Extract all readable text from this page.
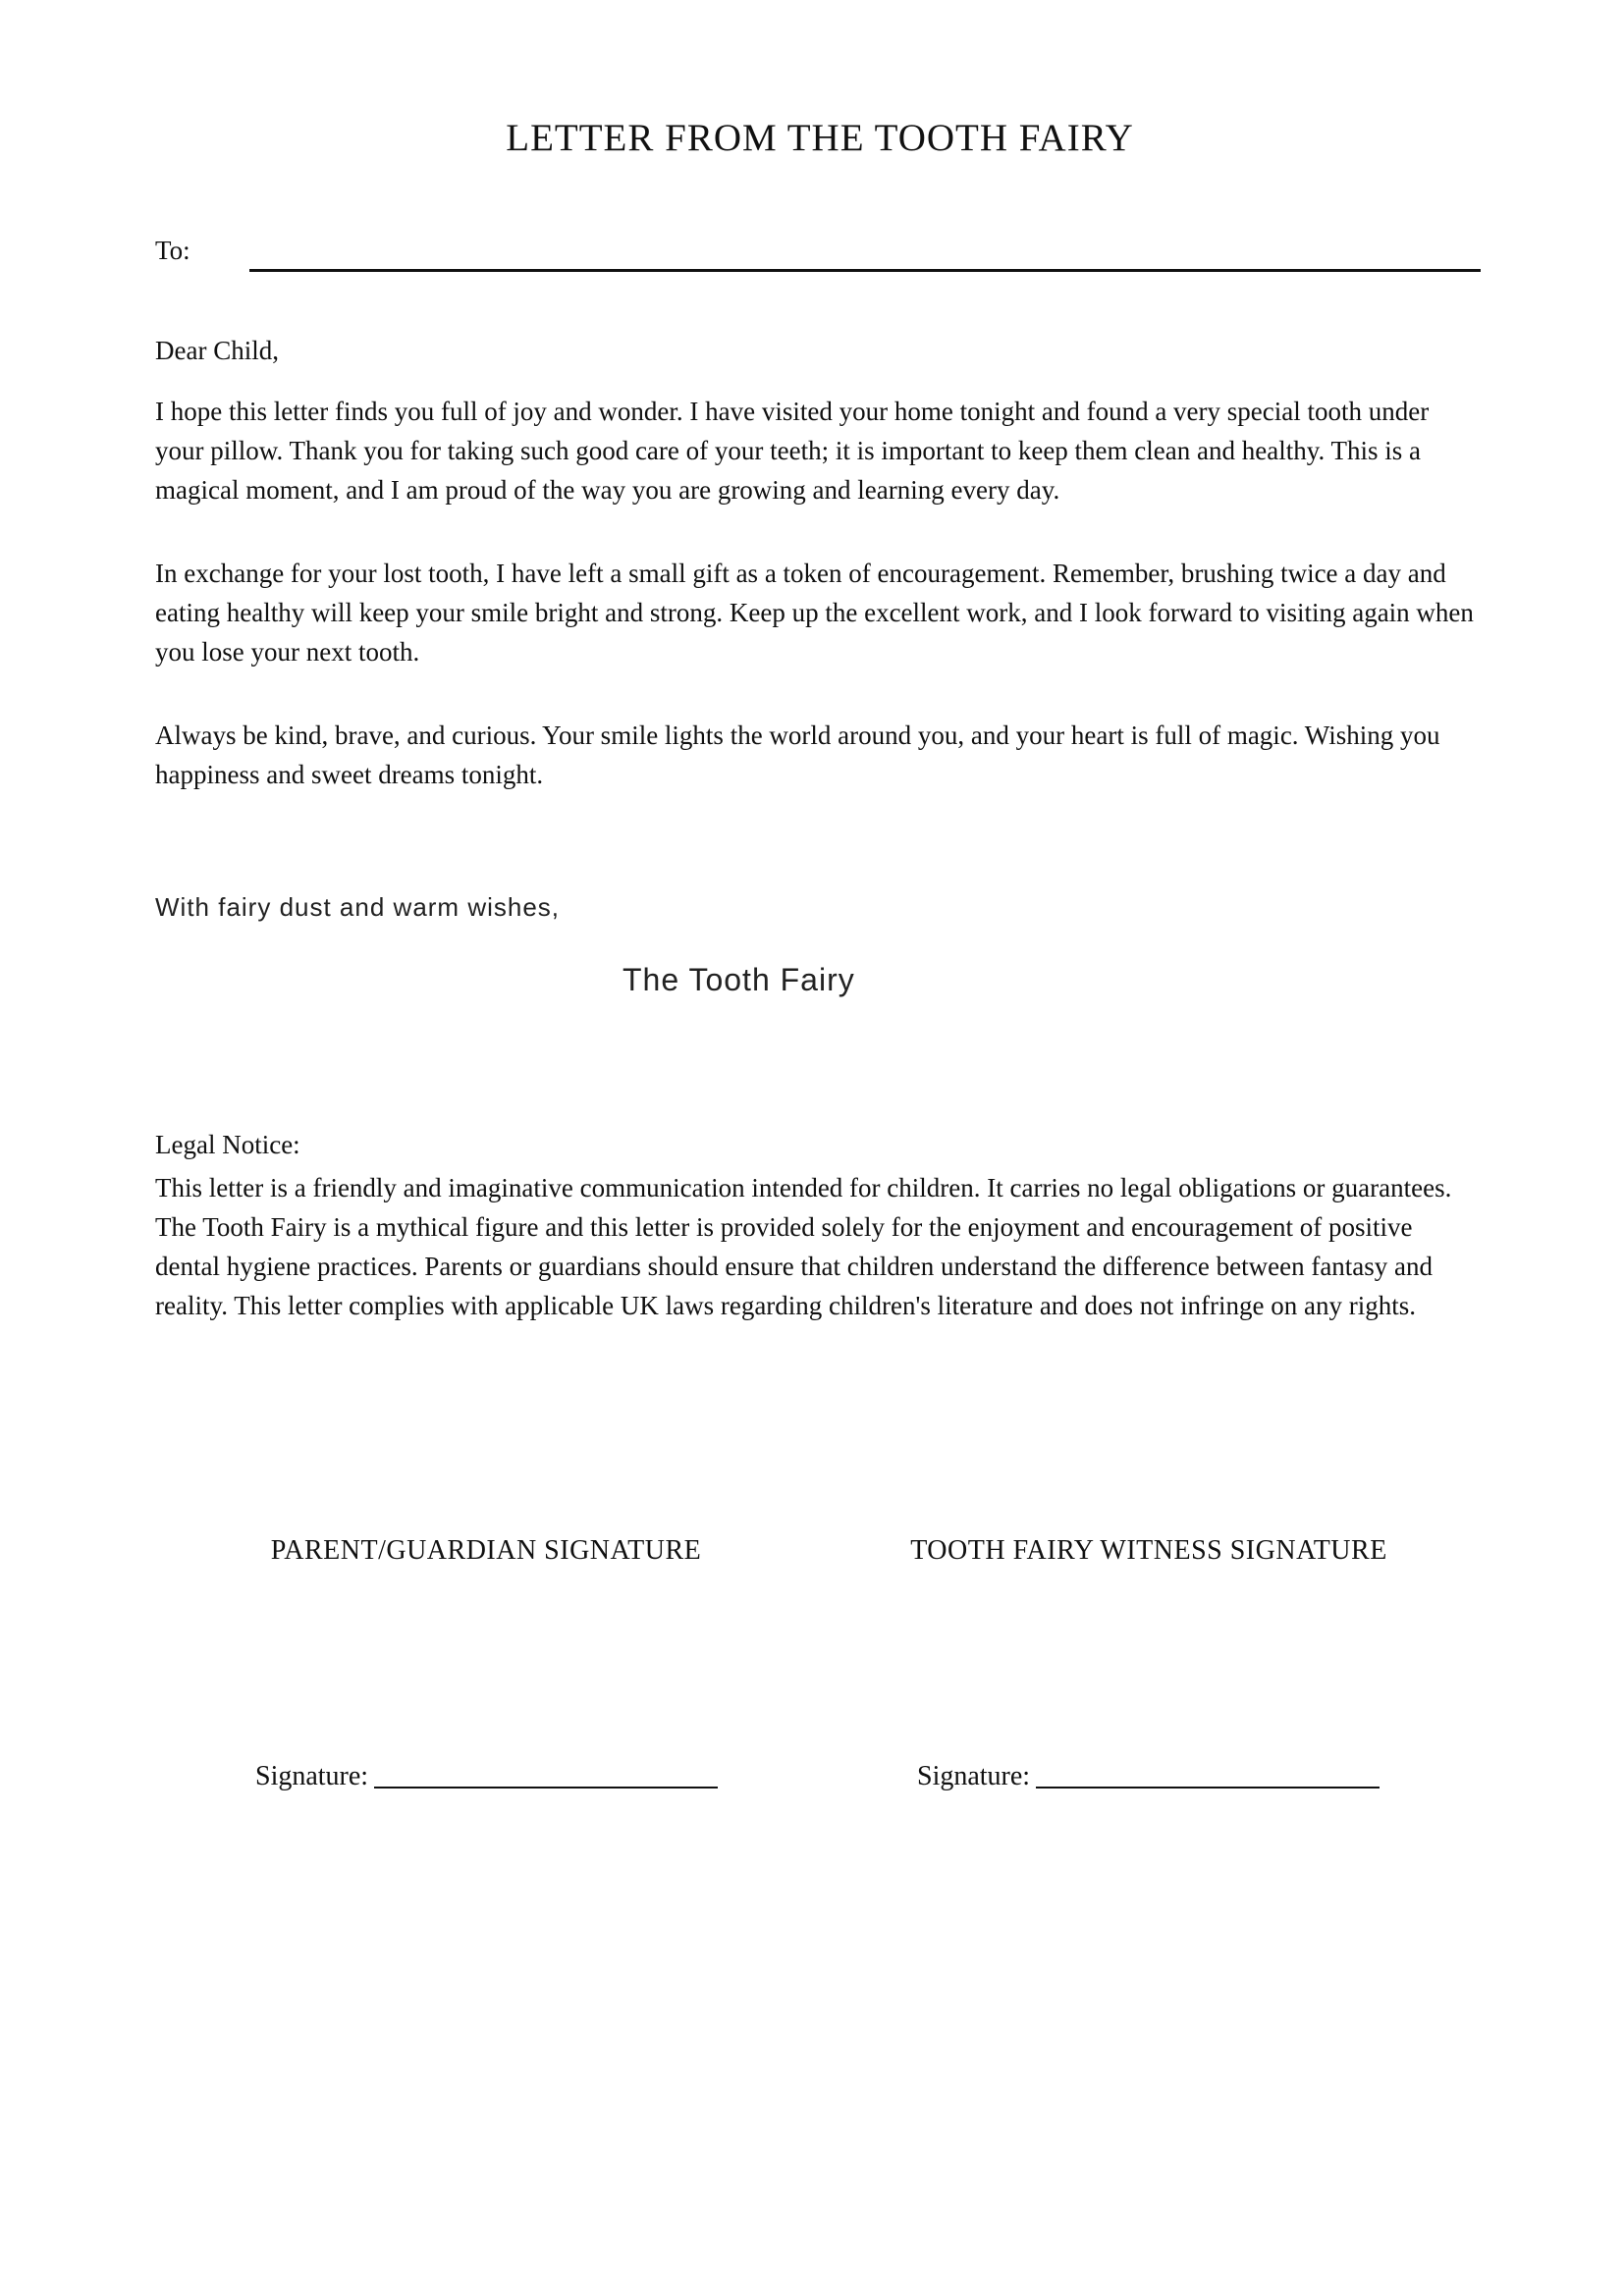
LETTER FROM THE TOOTH FAIRY
To:

Dear Child,

I hope this letter finds you full of joy and wonder. I have visited your home tonight and found a very special tooth under your pillow. Thank you for taking such good care of your teeth; it is important to keep them clean and healthy. This is a magical moment, and I am proud of the way you are growing and learning every day.

In exchange for your lost tooth, I have left a small gift as a token of encouragement. Remember, brushing twice a day and eating healthy will keep your smile bright and strong. Keep up the excellent work, and I look forward to visiting again when you lose your next tooth.

Always be kind, brave, and curious. Your smile lights the world around you, and your heart is full of magic. Wishing you happiness and sweet dreams tonight.

With fairy dust and warm wishes,

The Tooth Fairy

Legal Notice:

This letter is a friendly and imaginative communication intended for children. It carries no legal obligations or guarantees. The Tooth Fairy is a mythical figure and this letter is provided solely for the enjoyment and encouragement of positive dental hygiene practices. Parents or guardians should ensure that children understand the difference between fantasy and reality. This letter complies with applicable UK laws regarding children's literature and does not infringe on any rights.

PARENT/GUARDIAN SIGNATURE	TOOTH FAIRY WITNESS SIGNATURE
Signature:	Signature:
